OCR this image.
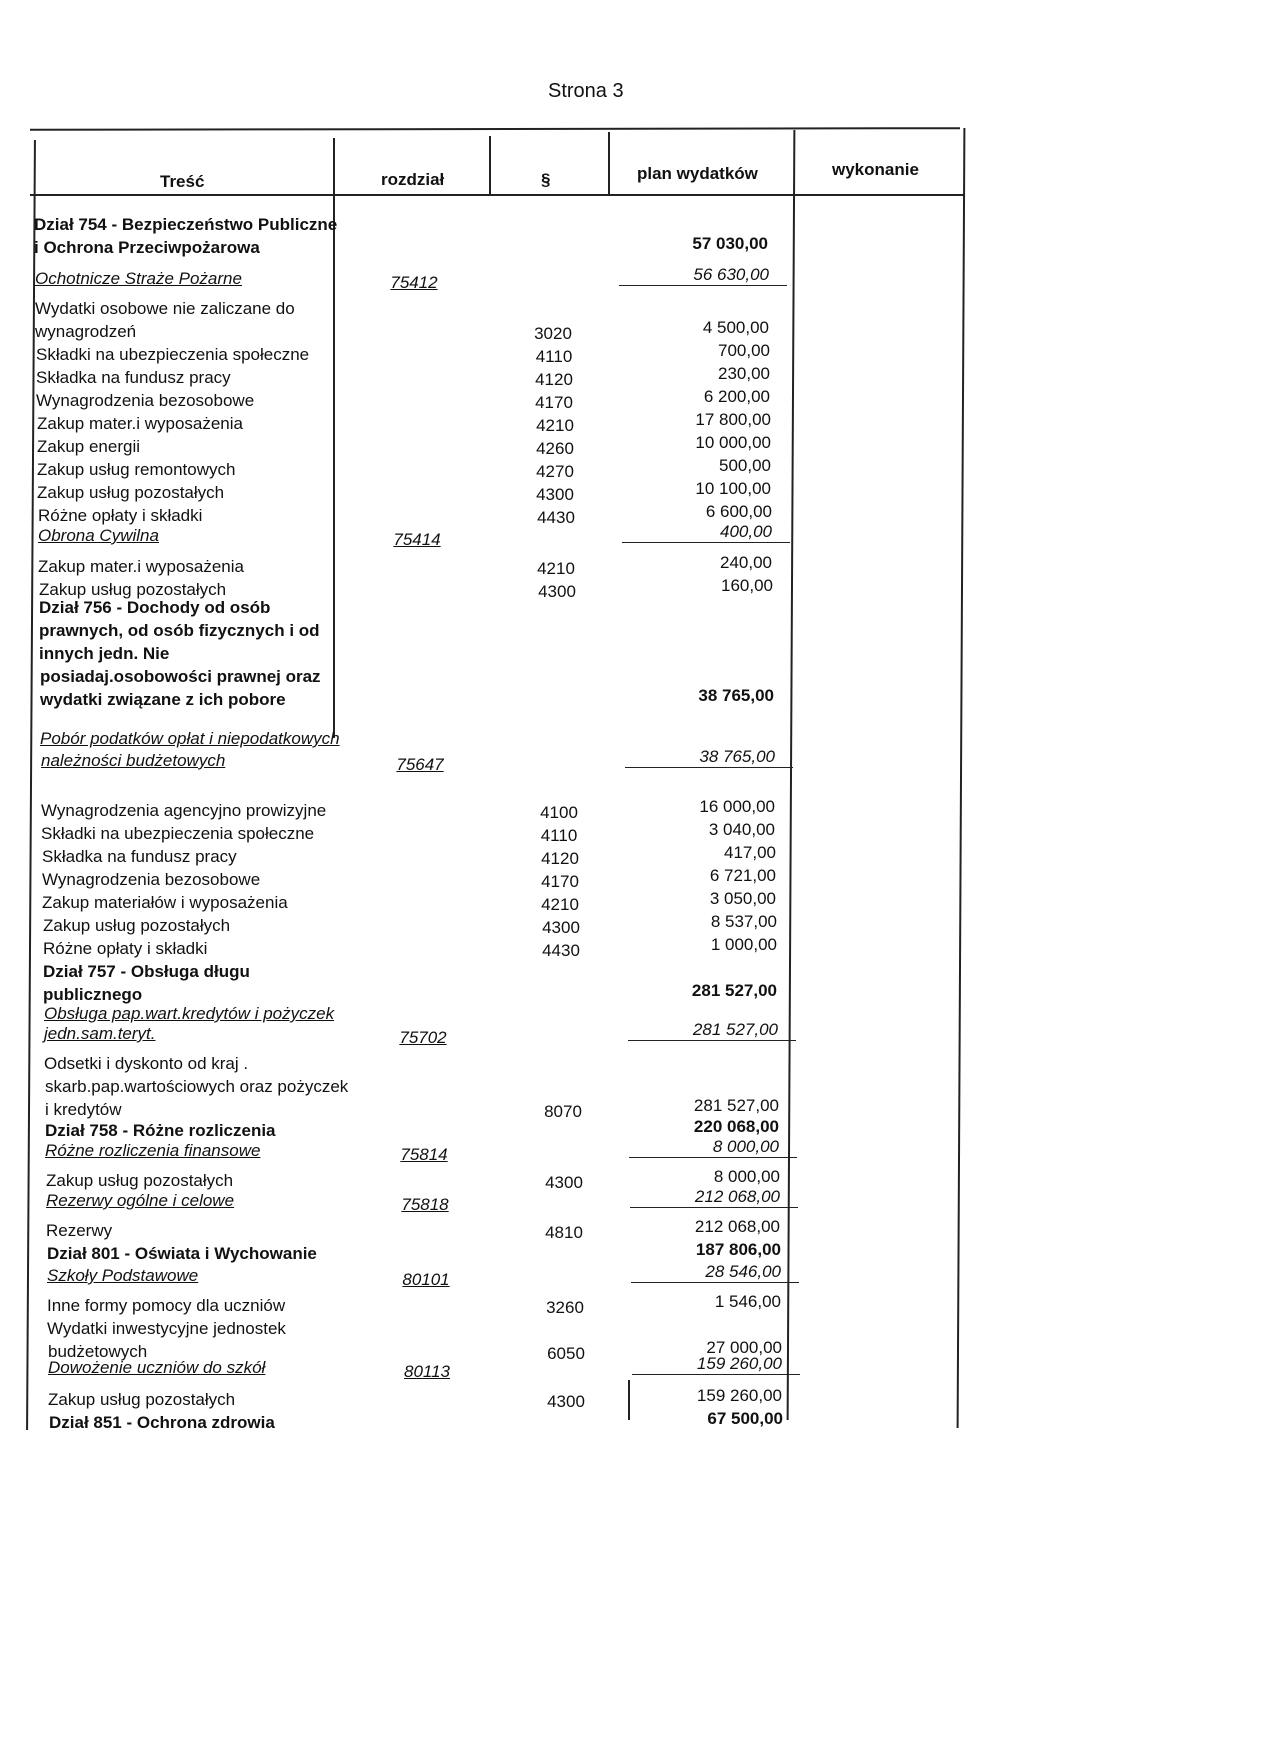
Strona 3
Treść	rozdział	§	plan wydatków	wykonanie
Dział 754 - Bezpieczeństwo Publiczne
i Ochrona Przeciwpożarowa	57 030,00
Ochotnicze Straże Pożarne	75412	56 630,00
Wydatki osobowe nie zaliczane do
wynagrodzeń	3020	4 500,00
Składki na ubezpieczenia społeczne	4110	700,00
Składka na fundusz pracy	4120	230,00
Wynagrodzenia bezosobowe	4170	6 200,00
Zakup mater.i wyposażenia	4210	17 800,00
Zakup energii	4260	10 000,00
Zakup usług remontowych	4270	500,00
Zakup usług pozostałych	4300	10 100,00
Różne opłaty i składki	4430	6 600,00
Obrona Cywilna	75414	400,00
Zakup mater.i wyposażenia	4210	240,00
Zakup usług pozostałych	4300	160,00
Dział 756 - Dochody od osób
prawnych, od osób fizycznych i od
innych jedn. Nie
posiadaj.osobowości prawnej oraz
wydatki związane z ich pobore	38 765,00
Pobór podatków opłat i niepodatkowych
należności budżetowych	75647	38 765,00
Wynagrodzenia agencyjno prowizyjne	4100	16 000,00
Składki na ubezpieczenia społeczne	4110	3 040,00
Składka na fundusz pracy	4120	417,00
Wynagrodzenia bezosobowe	4170	6 721,00
Zakup materiałów i wyposażenia	4210	3 050,00
Zakup usług pozostałych	4300	8 537,00
Różne opłaty i składki	4430	1 000,00
Dział 757 - Obsługa długu
publicznego	281 527,00
Obsługa pap.wart.kredytów i pożyczek
jedn.sam.teryt.	75702	281 527,00
Odsetki i dyskonto od kraj .
skarb.pap.wartościowych oraz pożyczek
i kredytów	8070	281 527,00
Dział 758 - Różne rozliczenia	220 068,00
Różne rozliczenia finansowe	75814	8 000,00
Zakup usług pozostałych	4300	8 000,00
Rezerwy ogólne i celowe	75818	212 068,00
Rezerwy	4810	212 068,00
Dział 801 - Oświata i Wychowanie	187 806,00
Szkoły Podstawowe	80101	28 546,00
Inne formy pomocy dla uczniów	3260	1 546,00
Wydatki inwestycyjne jednostek
budżetowych	6050	27 000,00
Dowożenie uczniów do szkół	80113	159 260,00
Zakup usług pozostałych	4300	159 260,00
Dział 851 - Ochrona zdrowia	67 500,00
